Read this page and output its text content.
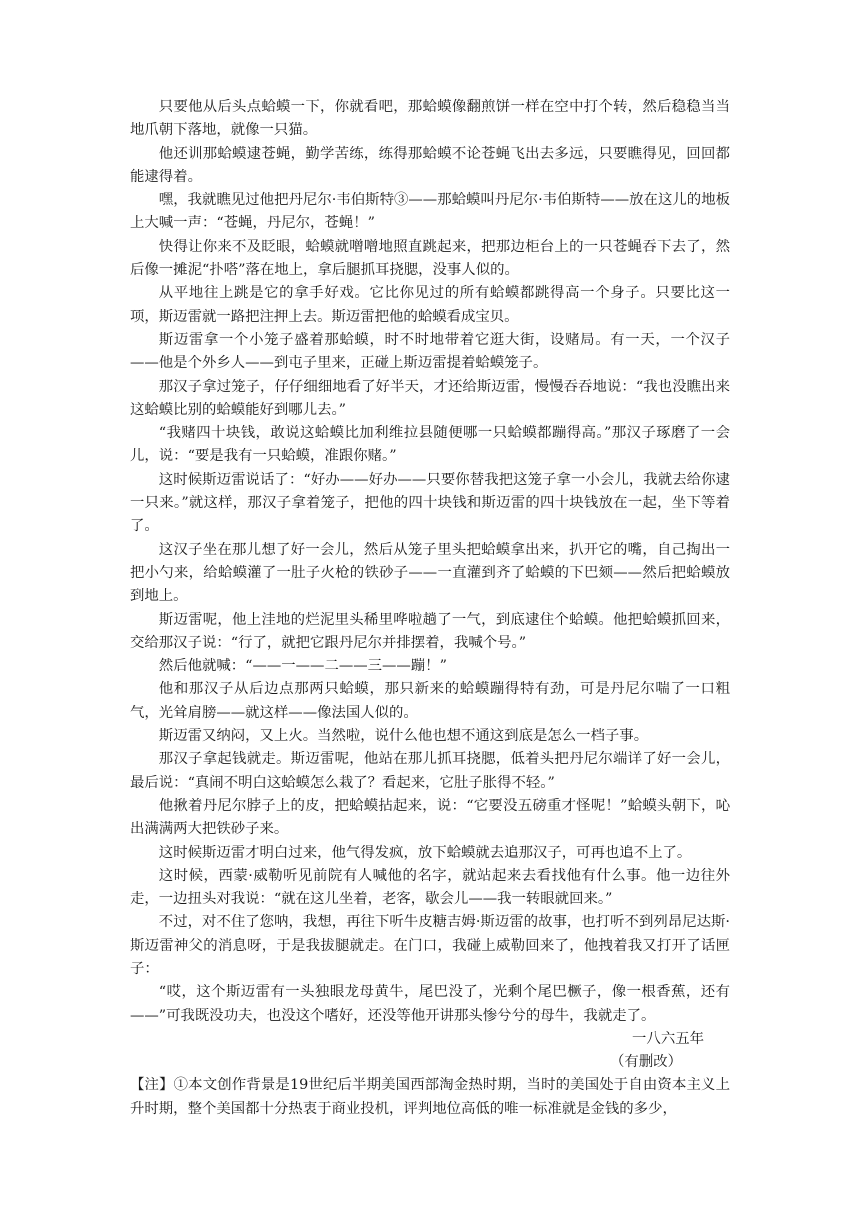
只要他从后头点蛤蟆一下，你就看吧，那蛤蟆像翻煎饼一样在空中打个转，然后稳稳当当地爪朝下落地，就像一只猫。

他还训那蛤蟆逮苍蝇，勤学苦练，练得那蛤蟆不论苍蝇飞出去多远，只要瞧得见，回回都能逮得着。

嘿，我就瞧见过他把丹尼尔·韦伯斯特③——那蛤蟆叫丹尼尔·韦伯斯特——放在这儿的地板上大喊一声：“苍蝇，丹尼尔，苍蝇！”

快得让你来不及眨眼，蛤蟆就噌噌地照直跳起来，把那边柜台上的一只苍蝇吞下去了，然后像一摊泥“扑嗒”落在地上，拿后腿抓耳挠腮，没事人似的。

从平地往上跳是它的拿手好戏。它比你见过的所有蛤蟆都跳得高一个身子。只要比这一项，斯迈雷就一路把注押上去。斯迈雷把他的蛤蟆看成宝贝。

斯迈雷拿一个小笼子盛着那蛤蟆，时不时地带着它逛大街，设赌局。有一天，一个汉子——他是个外乡人——到屯子里来，正碰上斯迈雷提着蛤蟆笼子。

那汉子拿过笼子，仔仔细细地看了好半天，才还给斯迈雷，慢慢吞吞地说：“我也没瞧出来这蛤蟆比别的蛤蟆能好到哪儿去。”

“我赌四十块钱，敢说这蛤蟆比加利维拉县随便哪一只蛤蟆都蹦得高。”那汉子琢磨了一会儿，说：“要是我有一只蛤蟆，准跟你赌。”

这时候斯迈雷说话了：“好办——好办——只要你替我把这笼子拿一小会儿，我就去给你逮一只来。”就这样，那汉子拿着笼子，把他的四十块钱和斯迈雷的四十块钱放在一起，坐下等着了。

这汉子坐在那儿想了好一会儿，然后从笼子里头把蛤蟆拿出来，扒开它的嘴，自己掏出一把小勺来，给蛤蟆灌了一肚子火枪的铁砂子——一直灌到齐了蛤蟆的下巴颏——然后把蛤蟆放到地上。

斯迈雷呢，他上洼地的烂泥里头稀里哗啦趟了一气，到底逮住个蛤蟆。他把蛤蟆抓回来，交给那汉子说：“行了，就把它跟丹尼尔并排摆着，我喊个号。”

然后他就喊：“——一——二——三——蹦！”

他和那汉子从后边点那两只蛤蟆，那只新来的蛤蟆蹦得特有劲，可是丹尼尔喘了一口粗气，光耸肩膀——就这样——像法国人似的。

斯迈雷又纳闷，又上火。当然啦，说什么他也想不通这到底是怎么一档子事。

那汉子拿起钱就走。斯迈雷呢，他站在那儿抓耳挠腮，低着头把丹尼尔端详了好一会儿，最后说：“真闹不明白这蛤蟆怎么栽了？看起来，它肚子胀得不轻。”

他揪着丹尼尔脖子上的皮，把蛤蟆拈起来，说：“它要没五磅重才怪呢！”蛤蟆头朝下，吣出满满两大把铁砂子来。

这时候斯迈雷才明白过来，他气得发疯，放下蛤蟆就去追那汉子，可再也追不上了。

这时候，西蒙·威勒听见前院有人喊他的名字，就站起来去看找他有什么事。他一边往外走，一边扭头对我说：“就在这儿坐着，老客，歇会儿——我一转眼就回来。”

不过，对不住了您呐，我想，再往下听牛皮糖吉姆·斯迈雷的故事，也打听不到列昂尼达斯·斯迈雷神父的消息呀，于是我拔腿就走。在门口，我碰上威勒回来了，他拽着我又打开了话匣子：

“哎，这个斯迈雷有一头独眼龙母黄牛，尾巴没了，光剩个尾巴橛子，像一根香蕉，还有——”可我既没功夫，也没这个嗜好，还没等他开讲那头惨兮兮的母牛，我就走了。

一八六五年

（有删改）

【注】①本文创作背景是19世纪后半期美国西部淘金热时期，当时的美国处于自由资本主义上升时期，整个美国都十分热衷于商业投机，评判地位高低的唯一标准就是金钱的多少，
